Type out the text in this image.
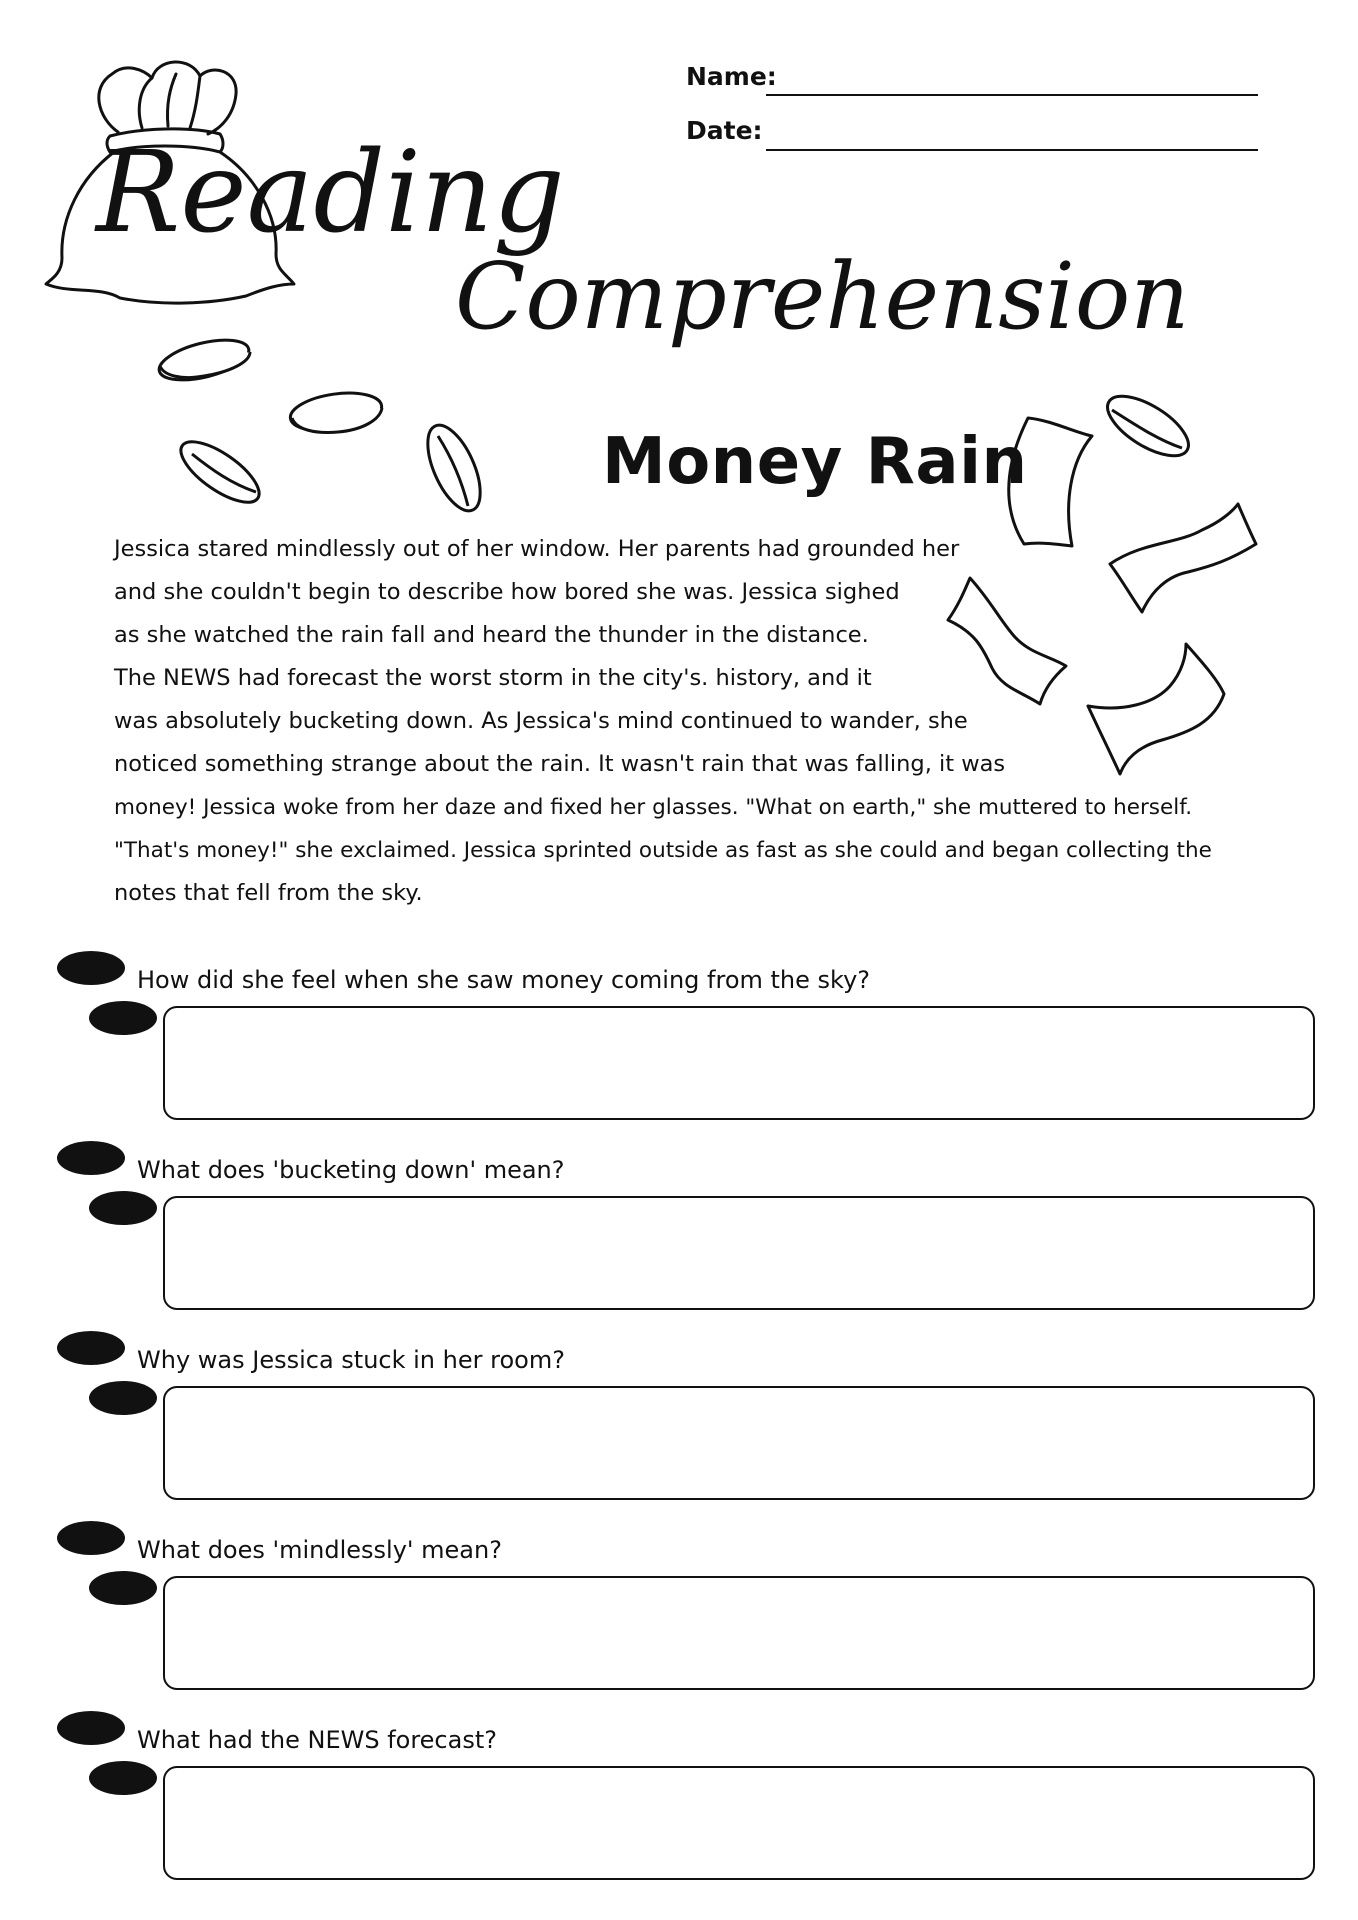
Reading
Comprehension
Name:
Date:
Money Rain
Jessica stared mindlessly out of her window. Her parents had grounded her
and she couldn't begin to describe how bored she was. Jessica sighed
as she watched the rain fall and heard the thunder in the distance.
The NEWS had forecast the worst storm in the city's. history, and it
was absolutely bucketing down. As Jessica's mind continued to wander, she
noticed something strange about the rain. It wasn't rain that was falling, it was
money! Jessica woke from her daze and fixed her glasses. "What on earth," she muttered to herself.
"That's money!" she exclaimed. Jessica sprinted outside as fast as she could and began collecting the
notes that fell from the sky.
How did she feel when she saw money coming from the sky?
What does 'bucketing down' mean?
Why was Jessica stuck in her room?
What does 'mindlessly' mean?
What had the NEWS forecast?
